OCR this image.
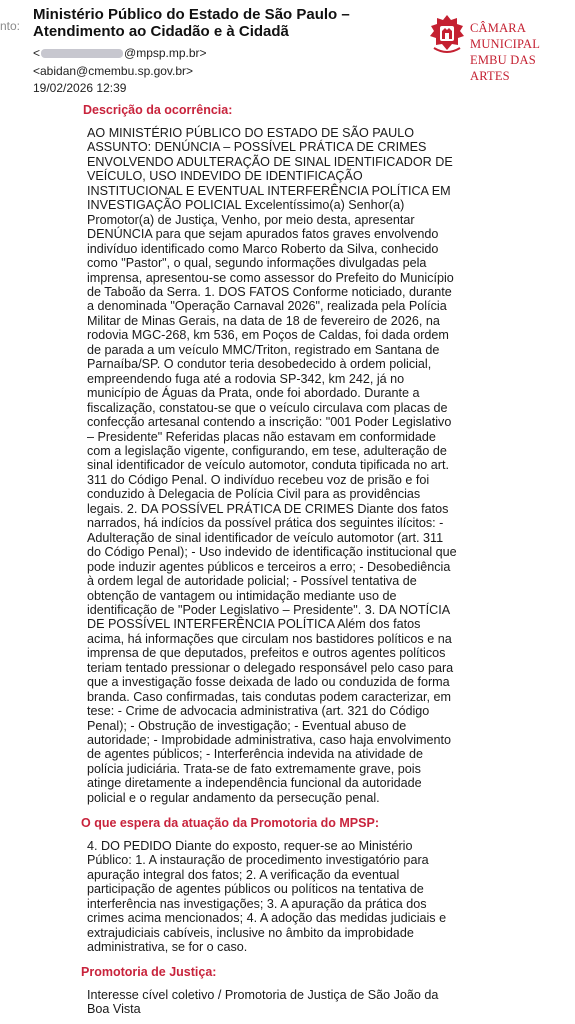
nto:
Ministério Público do Estado de São Paulo – Atendimento ao Cidadão e à Cidadã
<	@mpsp.mp.br>
<abidan@cmembu.sp.gov.br>
19/02/2026 12:39
CÂMARA MUNICIPAL
EMBU DAS ARTES
Descrição da ocorrência:
AO MINISTÉRIO PÚBLICO DO ESTADO DE SÃO PAULO
ASSUNTO: DENÚNCIA – POSSÍVEL PRÁTICA DE CRIMES
ENVOLVENDO ADULTERAÇÃO DE SINAL IDENTIFICADOR DE
VEÍCULO, USO INDEVIDO DE IDENTIFICAÇÃO
INSTITUCIONAL E EVENTUAL INTERFERÊNCIA POLÍTICA EM
INVESTIGAÇÃO POLICIAL Excelentíssimo(a) Senhor(a)
Promotor(a) de Justiça, Venho, por meio desta, apresentar
DENÚNCIA para que sejam apurados fatos graves envolvendo
indivíduo identificado como Marco Roberto da Silva, conhecido
como "Pastor", o qual, segundo informações divulgadas pela
imprensa, apresentou-se como assessor do Prefeito do Município
de Taboão da Serra. 1. DOS FATOS Conforme noticiado, durante
a denominada "Operação Carnaval 2026", realizada pela Polícia
Militar de Minas Gerais, na data de 18 de fevereiro de 2026, na
rodovia MGC-268, km 536, em Poços de Caldas, foi dada ordem
de parada a um veículo MMC/Triton, registrado em Santana de
Parnaíba/SP. O condutor teria desobedecido à ordem policial,
empreendendo fuga até a rodovia SP-342, km 242, já no
município de Águas da Prata, onde foi abordado. Durante a
fiscalização, constatou-se que o veículo circulava com placas de
confecção artesanal contendo a inscrição: "001 Poder Legislativo
– Presidente" Referidas placas não estavam em conformidade
com a legislação vigente, configurando, em tese, adulteração de
sinal identificador de veículo automotor, conduta tipificada no art.
311 do Código Penal. O indivíduo recebeu voz de prisão e foi
conduzido à Delegacia de Polícia Civil para as providências
legais. 2. DA POSSÍVEL PRÁTICA DE CRIMES Diante dos fatos
narrados, há indícios da possível prática dos seguintes ilícitos: -
Adulteração de sinal identificador de veículo automotor (art. 311
do Código Penal); - Uso indevido de identificação institucional que
pode induzir agentes públicos e terceiros a erro; - Desobediência
à ordem legal de autoridade policial; - Possível tentativa de
obtenção de vantagem ou intimidação mediante uso de
identificação de "Poder Legislativo – Presidente". 3. DA NOTÍCIA
DE POSSÍVEL INTERFERÊNCIA POLÍTICA Além dos fatos
acima, há informações que circulam nos bastidores políticos e na
imprensa de que deputados, prefeitos e outros agentes políticos
teriam tentado pressionar o delegado responsável pelo caso para
que a investigação fosse deixada de lado ou conduzida de forma
branda. Caso confirmadas, tais condutas podem caracterizar, em
tese: - Crime de advocacia administrativa (art. 321 do Código
Penal); - Obstrução de investigação; - Eventual abuso de
autoridade; - Improbidade administrativa, caso haja envolvimento
de agentes públicos; - Interferência indevida na atividade de
polícia judiciária. Trata-se de fato extremamente grave, pois
atinge diretamente a independência funcional da autoridade
policial e o regular andamento da persecução penal.
O que espera da atuação da Promotoria do MPSP:
4. DO PEDIDO Diante do exposto, requer-se ao Ministério
Público: 1. A instauração de procedimento investigatório para
apuração integral dos fatos; 2. A verificação da eventual
participação de agentes públicos ou políticos na tentativa de
interferência nas investigações; 3. A apuração da prática dos
crimes acima mencionados; 4. A adoção das medidas judiciais e
extrajudiciais cabíveis, inclusive no âmbito da improbidade
administrativa, se for o caso.
Promotoria de Justiça:
Interesse cível coletivo / Promotoria de Justiça de São João da
Boa Vista
